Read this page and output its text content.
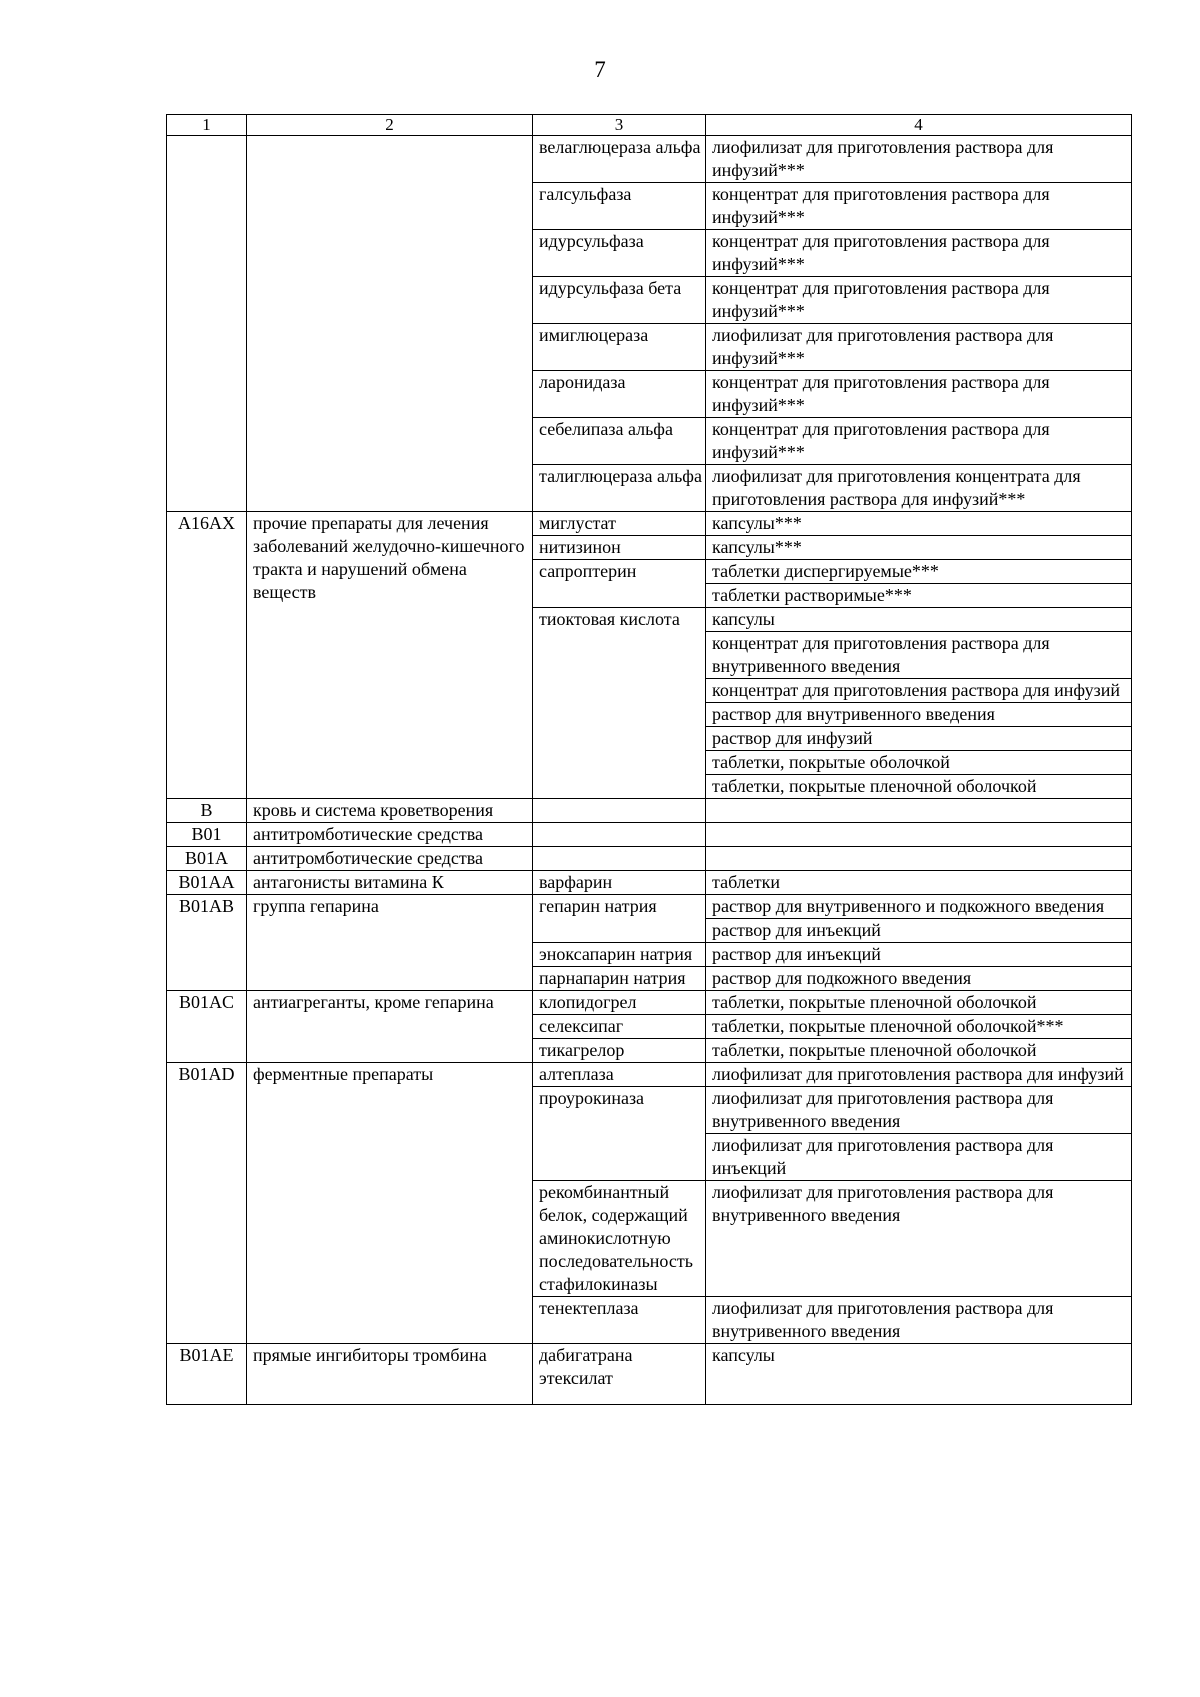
7
1	2	3	4
		велаглюцераза альфа	лиофилизат для приготовления раствора для инфузий***
		галсульфаза	концентрат для приготовления раствора для инфузий***
		идурсульфаза	концентрат для приготовления раствора для инфузий***
		идурсульфаза бета	концентрат для приготовления раствора для инфузий***
		имиглюцераза	лиофилизат для приготовления раствора для инфузий***
		ларонидаза	концентрат для приготовления раствора для инфузий***
		себелипаза альфа	концентрат для приготовления раствора для инфузий***
		талиглюцераза альфа	лиофилизат для приготовления концентрата для приготовления раствора для инфузий***
A16AX	прочие препараты для лечения заболеваний желудочно-кишечного тракта и нарушений обмена веществ	миглустат	капсулы***
		нитизинон	капсулы***
		сапроптерин	таблетки диспергируемые***
			таблетки растворимые***
		тиоктовая кислота	капсулы
			концентрат для приготовления раствора для внутривенного введения
			концентрат для приготовления раствора для инфузий
			раствор для внутривенного введения
			раствор для инфузий
			таблетки, покрытые оболочкой
			таблетки, покрытые пленочной оболочкой
B	кровь и система кроветворения		
B01	антитромботические средства		
B01A	антитромботические средства		
B01AA	антагонисты витамина К	варфарин	таблетки
B01AB	группа гепарина	гепарин натрия	раствор для внутривенного и подкожного введения
			раствор для инъекций
		эноксапарин натрия	раствор для инъекций
		парнапарин натрия	раствор для подкожного введения
B01AC	антиагреганты, кроме гепарина	клопидогрел	таблетки, покрытые пленочной оболочкой
		селексипаг	таблетки, покрытые пленочной оболочкой***
		тикагрелор	таблетки, покрытые пленочной оболочкой
B01AD	ферментные препараты	алтеплаза	лиофилизат для приготовления раствора для инфузий
		проурокиназа	лиофилизат для приготовления раствора для внутривенного введения
			лиофилизат для приготовления раствора для инъекций
		рекомбинантный белок, содержащий аминокислотную последовательность стафилокиназы	лиофилизат для приготовления раствора для внутривенного введения
		тенектеплаза	лиофилизат для приготовления раствора для внутривенного введения
B01AE	прямые ингибиторы тромбина	дабигатрана этексилат	капсулы
